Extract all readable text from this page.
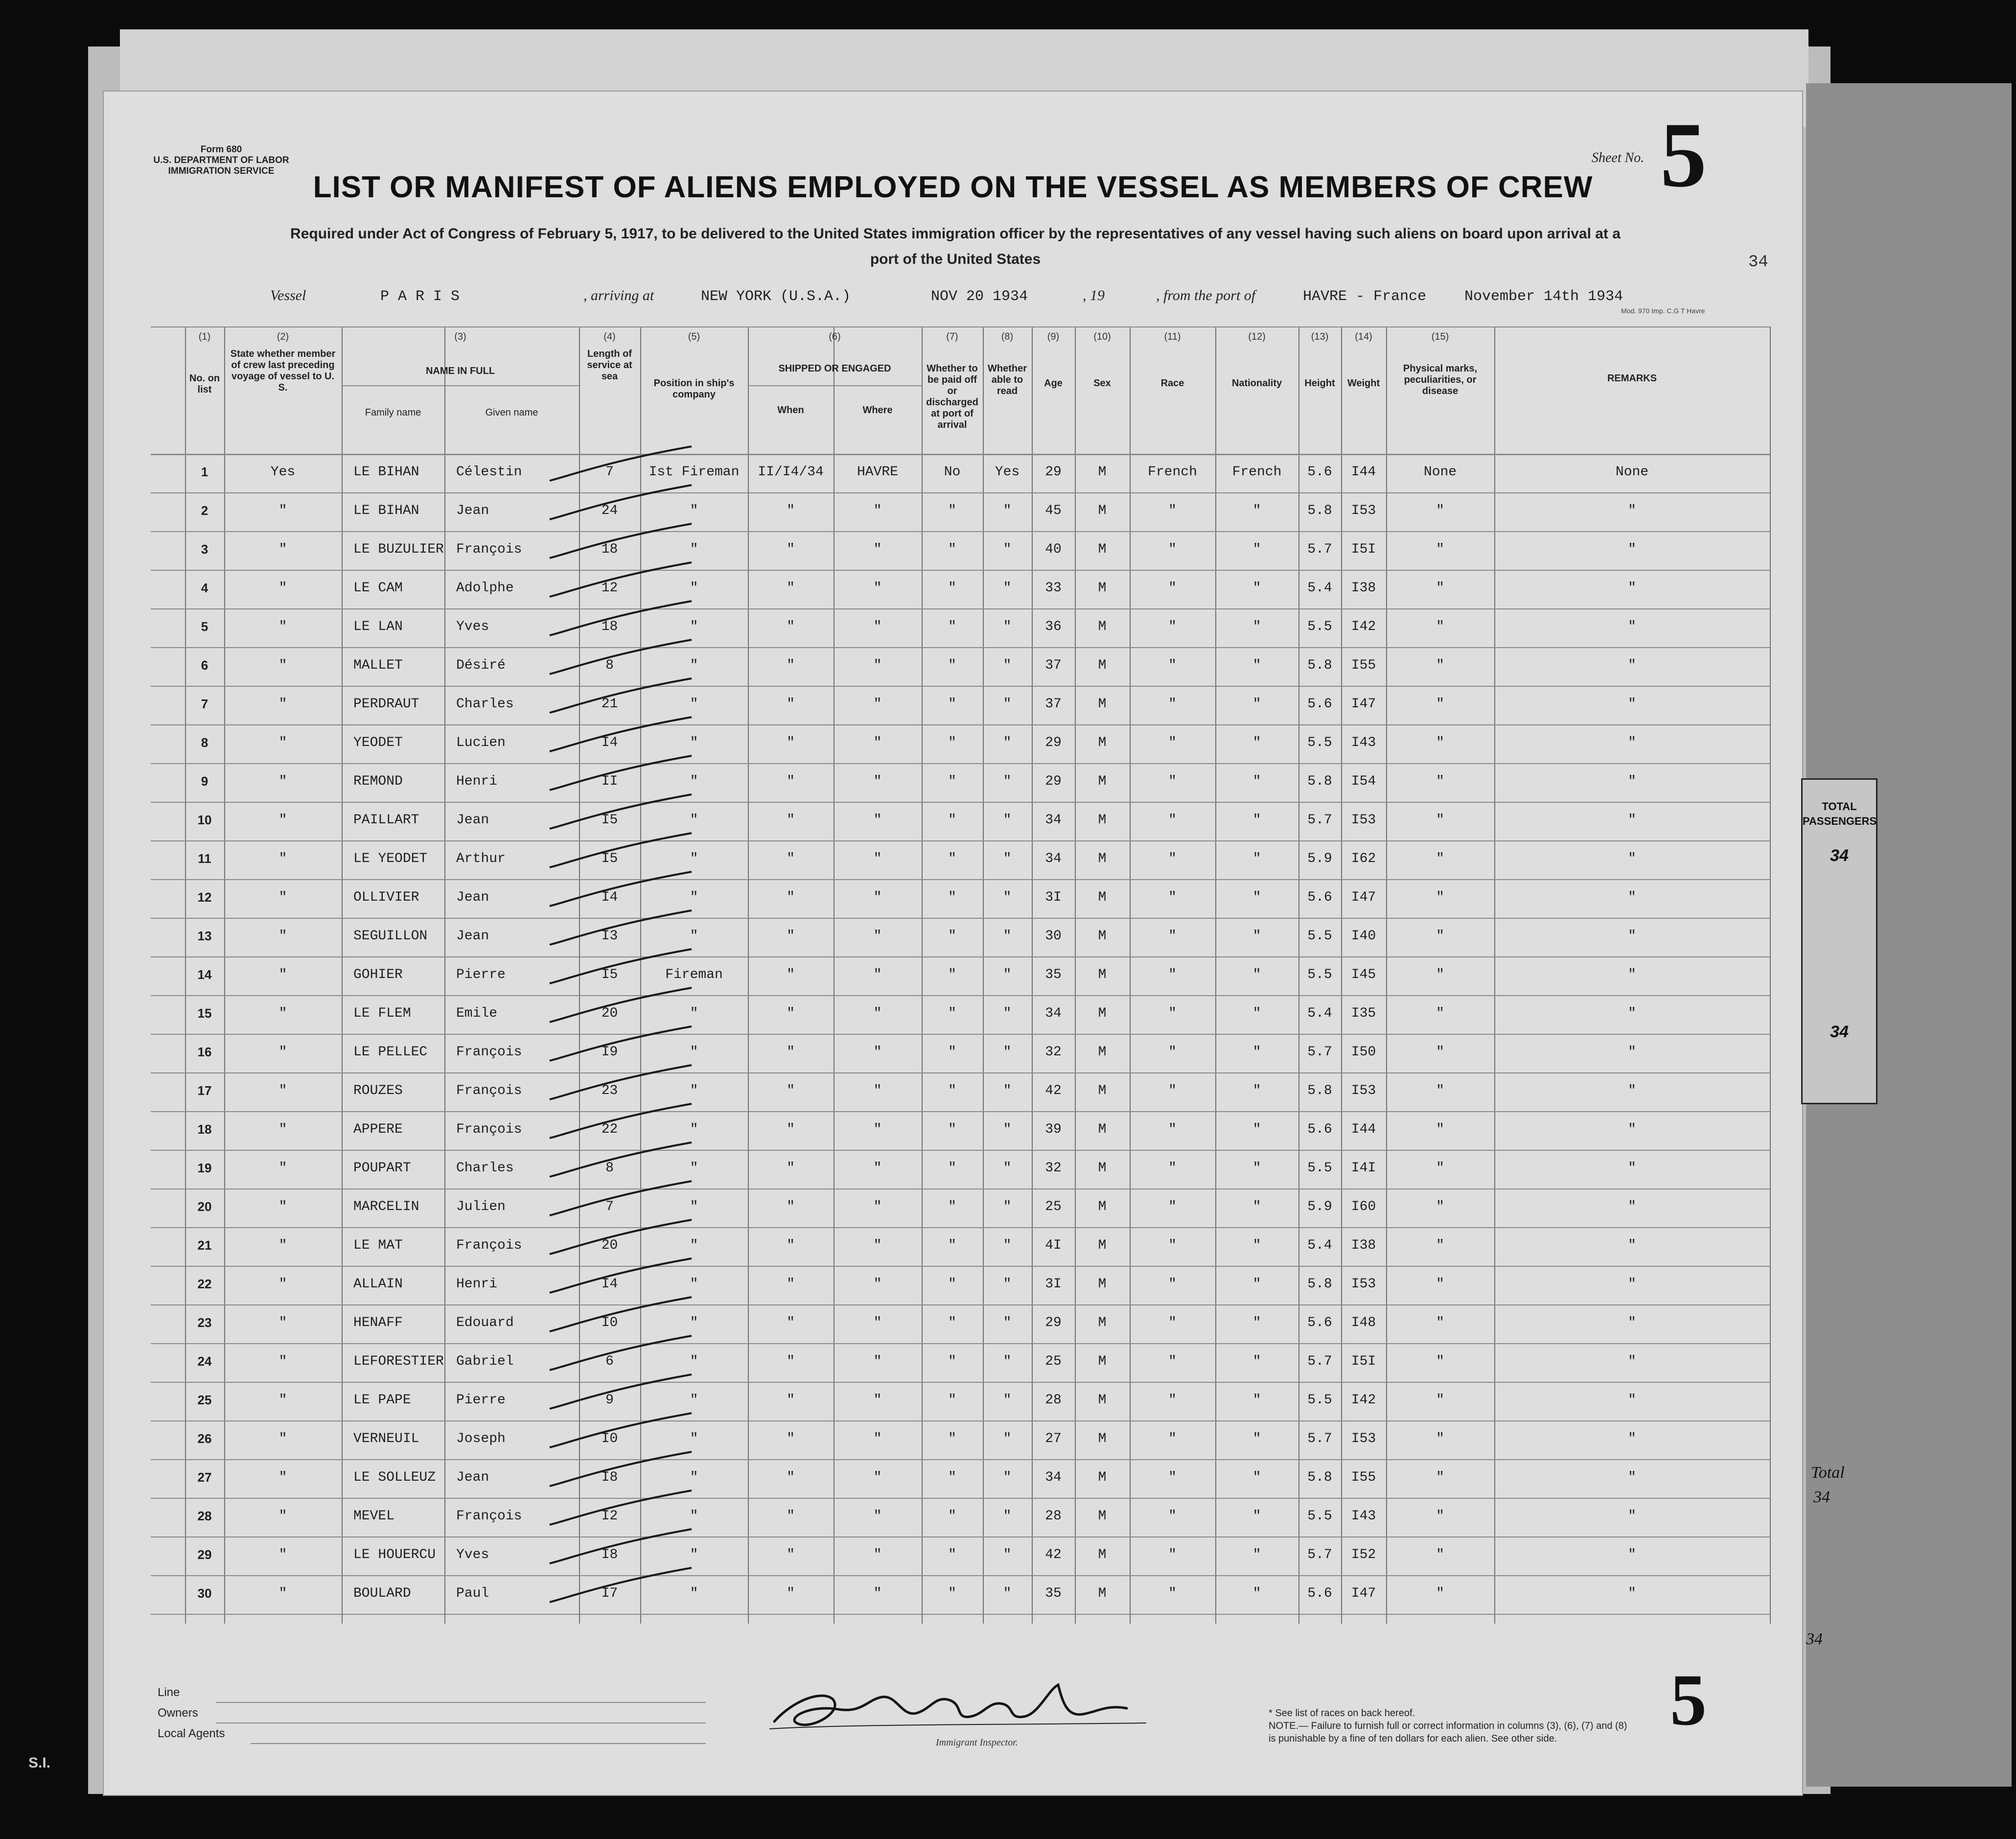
Form 680
U.S. DEPARTMENT OF LABOR
IMMIGRATION SERVICE	LIST OR MANIFEST OF ALIENS EMPLOYED ON THE VESSEL AS MEMBERS OF CREW
Sheet No. 5
Required under Act of Congress of February 5, 1917, to be delivered to the United States immigration officer by the representatives of any vessel having such aliens on board upon arrival at a
port of the United States	34
Vessel	P A R I S	, arriving at	NEW YORK (U.S.A.)	NOV 20 1934	, 19	, from the port of	HAVRE - France	November 14th 1934
Mod. 970 Imp. C.G T Havre
(1)	(2)	(3)	(4)	(5)	(6)	(7)	(8)	(9)	(10)	(11)	(12)	(13)	(14)	(15)
No. on list
State whether member of crew last preceding voyage of vessel to U. S.
NAME IN FULL
Family name	Given name
Length of service at sea
Position in ship's company
SHIPPED OR ENGAGED
When	Where
Whether to be paid off or discharged at port of arrival
Whether able to read
Age	Sex	Race	Nationality	Height	Weight
Physical marks, peculiarities, or disease
REMARKS
1	Yes	LE BIHAN	Célestin	7	Ist Fireman	II/I4/34	HAVRE	No	Yes	29	M	French	French	5.6	I44	None	None
2	"	LE BIHAN	Jean	24	"	"	"	"	"	45	M	"	"	5.8	I53	"	"
3	"	LE BUZULIER François	18	"	"	"	"	"	40	M	"	"	5.7	I5I	"	"
4	"	LE CAM	Adolphe	12	"	"	"	"	"	33	M	"	"	5.4	I38	"	"
5	"	LE LAN	Yves	18	"	"	"	"	"	36	M	"	"	5.5	I42	"	"
6	"	MALLET	Désiré	8	"	"	"	"	"	37	M	"	"	5.8	I55	"	"
7	"	PERDRAUT	Charles	21	"	"	"	"	"	37	M	"	"	5.6	I47	"	"
8	"	YEODET	Lucien	I4	"	"	"	"	"	29	M	"	"	5.5	I43	"	"
9	"	REMOND	Henri	II	"	"	"	"	"	29	M	"	"	5.8	I54	"	"
10	"	PAILLART	Jean	I5	"	"	"	"	"	34	M	"	"	5.7	I53	"	"
11	"	LE YEODET	Arthur	I5	"	"	"	"	"	34	M	"	"	5.9	I62	"	"
12	"	OLLIVIER	Jean	I4	"	"	"	"	"	3I	M	"	"	5.6	I47	"	"
13	"	SEGUILLON	Jean	I3	"	"	"	"	"	30	M	"	"	5.5	I40	"	"
14	"	GOHIER	Pierre	I5	Fireman	"	"	"	"	35	M	"	"	5.5	I45	"	"
15	"	LE FLEM	Emile	20	"	"	"	"	"	34	M	"	"	5.4	I35	"	"
16	"	LE PELLEC	François	I9	"	"	"	"	"	32	M	"	"	5.7	I50	"	"
17	"	ROUZES	François	23	"	"	"	"	"	42	M	"	"	5.8	I53	"	"
18	"	APPERE	François	22	"	"	"	"	"	39	M	"	"	5.6	I44	"	"
19	"	POUPART	Charles	8	"	"	"	"	"	32	M	"	"	5.5	I4I	"	"
20	"	MARCELIN	Julien	7	"	"	"	"	"	25	M	"	"	5.9	I60	"	"
21	"	LE MAT	François	20	"	"	"	"	"	4I	M	"	"	5.4	I38	"	"
22	"	ALLAIN	Henri	I4	"	"	"	"	"	3I	M	"	"	5.8	I53	"	"
23	"	HENAFF	Edouard	I0	"	"	"	"	"	29	M	"	"	5.6	I48	"	"
24	"	LEFORESTIER Gabriel	6	"	"	"	"	"	25	M	"	"	5.7	I5I	"	"
25	"	LE PAPE	Pierre	9	"	"	"	"	"	28	M	"	"	5.5	I42	"	"
26	"	VERNEUIL	Joseph	I0	"	"	"	"	"	27	M	"	"	5.7	I53	"	"
27	"	LE SOLLEUZ	Jean	I8	"	"	"	"	"	34	M	"	"	5.8	I55	"	"
28	"	MEVEL	François	I2	"	"	"	"	"	28	M	"	"	5.5	I43	"	"
29	"	LE HOUERCU	Yves	I8	"	"	"	"	"	42	M	"	"	5.7	I52	"	"
30	"	BOULARD	Paul	I7	"	"	"	"	"	35	M	"	"	5.6	I47	"	"
Line
Owners
Local Agents
Immigrant Inspector.
* See list of races on back hereof.
NOTE.— Failure to furnish full or correct information in columns (3), (6), (7) and (8)
is punishable by a fine of ten dollars for each alien. See other side.	5
S.I.
TOTAL
PASSENGERS
34
34
Total
34
34
